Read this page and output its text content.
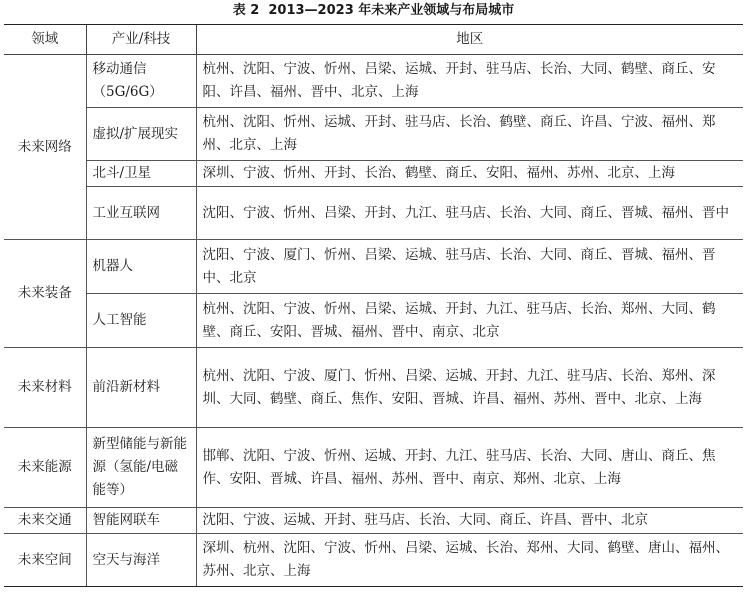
表 2 2013—2023 年未来产业领域与布局城市
领域	产业/科技	地区
未来网络	移动通信（5G/6G）	杭州、沈阳、宁波、忻州、吕梁、运城、开封、驻马店、长治、大同、鹤壁、商丘、安阳、许昌、福州、晋中、北京、上海
	虚拟/扩展现实	杭州、沈阳、忻州、运城、开封、驻马店、长治、鹤壁、商丘、许昌、宁波、福州、郑州、北京、上海
	北斗/卫星	深圳、宁波、忻州、开封、长治、鹤壁、商丘、安阳、福州、苏州、北京、上海
	工业互联网	沈阳、宁波、忻州、吕梁、开封、九江、驻马店、长治、大同、商丘、晋城、福州、晋中
未来装备	机器人	沈阳、宁波、厦门、忻州、吕梁、运城、驻马店、长治、大同、商丘、晋城、福州、晋中、北京
	人工智能	杭州、沈阳、宁波、忻州、吕梁、运城、开封、九江、驻马店、长治、郑州、大同、鹤壁、商丘、安阳、晋城、福州、晋中、南京、北京
未来材料	前沿新材料	杭州、沈阳、宁波、厦门、忻州、吕梁、运城、开封、九江、驻马店、长治、郑州、深圳、大同、鹤壁、商丘、焦作、安阳、晋城、许昌、福州、苏州、晋中、北京、上海
未来能源	新型储能与新能源（氢能/电磁能等）	邯郸、沈阳、宁波、忻州、运城、开封、九江、驻马店、长治、大同、唐山、商丘、焦作、安阳、晋城、许昌、福州、苏州、晋中、南京、郑州、北京、上海
未来交通	智能网联车	沈阳、宁波、运城、开封、驻马店、长治、大同、商丘、许昌、晋中、北京
未来空间	空天与海洋	深圳、杭州、沈阳、宁波、忻州、吕梁、运城、长治、郑州、大同、鹤壁、唐山、福州、苏州、北京、上海
